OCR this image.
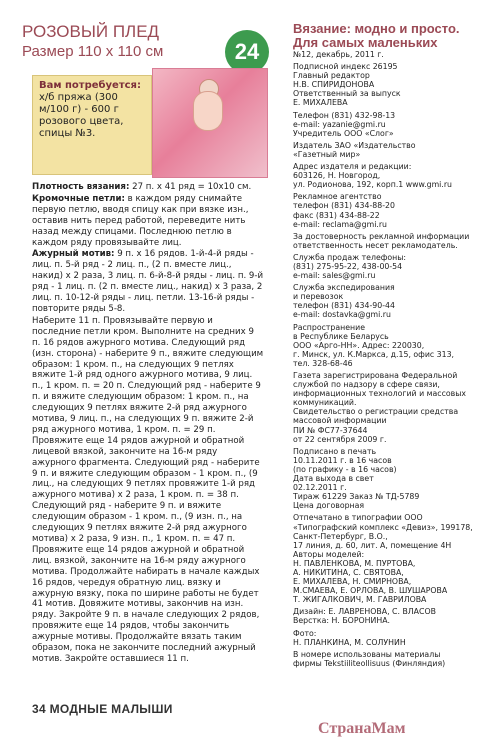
РОЗОВЫЙ ПЛЕД
Размер 110 х 110 см	24
Вам потребуется:
х/б пряжа (300 м/100 г) - 600 г розового цвета, спицы №3.

Плотность вязания: 27 п. х 41 ряд = 10х10 см.

Кромочные петли: в каждом ряду снимайте первую петлю, вводя спицу как при вязке изн., оставив нить перед работой, переведите нить назад между спицами. Последнюю петлю в каждом ряду провязывайте лиц.

Ажурный мотив: 9 п. х 16 рядов. 1-й-4-й ряды - лиц. п. 5-й ряд - 2 лиц. п., (2 п. вместе лиц., накид) х 2 раза, 3 лиц. п. 6-й-8-й ряды - лиц. п. 9-й ряд - 1 лиц. п. (2 п. вместе лиц., накид) х 3 раза, 2 лиц. п. 10-12-й ряды - лиц. петли. 13-16-й ряды - повторите ряды 5-8.

Наберите 11 п. Провязывайте первую и последние петли кром. Выполните на средних 9 п. 16 рядов ажурного мотива. Следующий ряд (изн. сторона) - наберите 9 п., вяжите следующим образом: 1 кром. п., на следующих 9 петлях вяжите 1-й ряд одного ажурного мотива, 9 лиц. п., 1 кром. п. = 20 п. Следующий ряд - наберите 9 п. и вяжите следующим образом: 1 кром. п., на следующих 9 петлях вяжите 2-й ряд ажурного мотива, 9 лиц. п., на следующих 9 п. вяжите 2-й ряд ажурного мотива, 1 кром. п. = 29 п. Провяжите еще 14 рядов ажурной и обратной лицевой вязкой, закончите на 16-м ряду ажурного фрагмента. Следующий ряд - наберите 9 п. и вяжите следующим образом - 1 кром. п., (9 лиц., на следующих 9 петлях провяжите 1-й ряд ажурного мотива) х 2 раза, 1 кром. п. = 38 п. Следующий ряд - наберите 9 п. и вяжите следующим образом - 1 кром. п., (9 изн. п., на следующих 9 петлях вяжите 2-й ряд ажурного мотива) х 2 раза, 9 изн. п., 1 кром. п. = 47 п. Провяжите еще 14 рядов ажурной и обратной лиц. вязкой, закончите на 16-м ряду ажурного мотива. Продолжайте набирать в начале каждых 16 рядов, чередуя обратную лиц. вязку и ажурную вязку, пока по ширине работы не будет 41 мотив. Довяжите мотивы, закончив на изн. ряду. Закройте 9 п. в начале следующих 2 рядов, провяжите еще 14 рядов, чтобы закончить ажурные мотивы. Продолжайте вязать таким образом, пока не закончите последний ажурный мотив. Закройте оставшиеся 11 п.

34 МОДНЫЕ МАЛЫШИ
Вязание: модно и просто. Для самых маленьких
№12, декабрь, 2011 г.

Подписной индекс 26195
Главный редактор
Н.В. СПИРИДОНОВА
Ответственный за выпуск
Е. МИХАЛЕВА

Телефон (831) 432-98-13
e-mail: yazanie@gmi.ru
Учредитель ООО «Слог»

Издатель ЗАО «Издательство
«Газетный мир»

Адрес издателя и редакции:
603126, Н. Новгород,
ул. Родионова, 192, корп.1 www.gmi.ru

Рекламное агентство
телефон (831) 434-88-20
факс (831) 434-88-22
e-mail: reclama@gmi.ru

За достоверность рекламной информации
ответственность несет рекламодатель.

Служба продаж телефоны:
(831) 275-95-22, 438-00-54
e-mail: sales@gmi.ru

Служба экспедирования
и перевозок
телефон (831) 434-90-44
e-mail: dostavka@gmi.ru

Распространение
в Республике Беларусь
ООО «Арго-НН». Адрес: 220030,
г. Минск, ул. К.Маркса, д.15, офис 313,
тел. 328-68-46

Газета зарегистрирована Федеральной
службой по надзору в сфере связи,
информационных технологий и массовых
коммуникаций.
Свидетельство о регистрации средства
массовой информации
ПИ № ФС77-37644
от 22 сентября 2009 г.

Подписано в печать
10.11.2011 г. в 16 часов
(по графику - в 16 часов)
Дата выхода в свет
02.12.2011 г.
Тираж 61229 Заказ № ТД-5789
Цена договорная

Отпечатано в типографии ООО
«Типографский комплекс «Девиз», 199178,
Санкт-Петербург, В.О.,
17 линия, д. 60, лит. А, помещение 4Н
Авторы моделей:
Н. ПАВЛЕНКОВА, М. ПУРТОВА,
А. НИКИТИНА, С. СВЯТОВА,
Е. МИХАЛЕВА, Н. СМИРНОВА,
М.СМАЕВА, Е. ОРЛОВА, В. ШУШАРОВА
Т. ЖИГАЛКОВИЧ, М. ГАВРИЛОВА

Дизайн: Е. ЛАВРЕНОВА, С. ВЛАСОВ
Верстка: Н. БОРОНИНА.

Фото:
Н. ПЛАНКИНА, М. СОЛУНИН

В номере использованы материалы
фирмы Tekstiiliteollisuus (Финляндия)
СтранаМам
